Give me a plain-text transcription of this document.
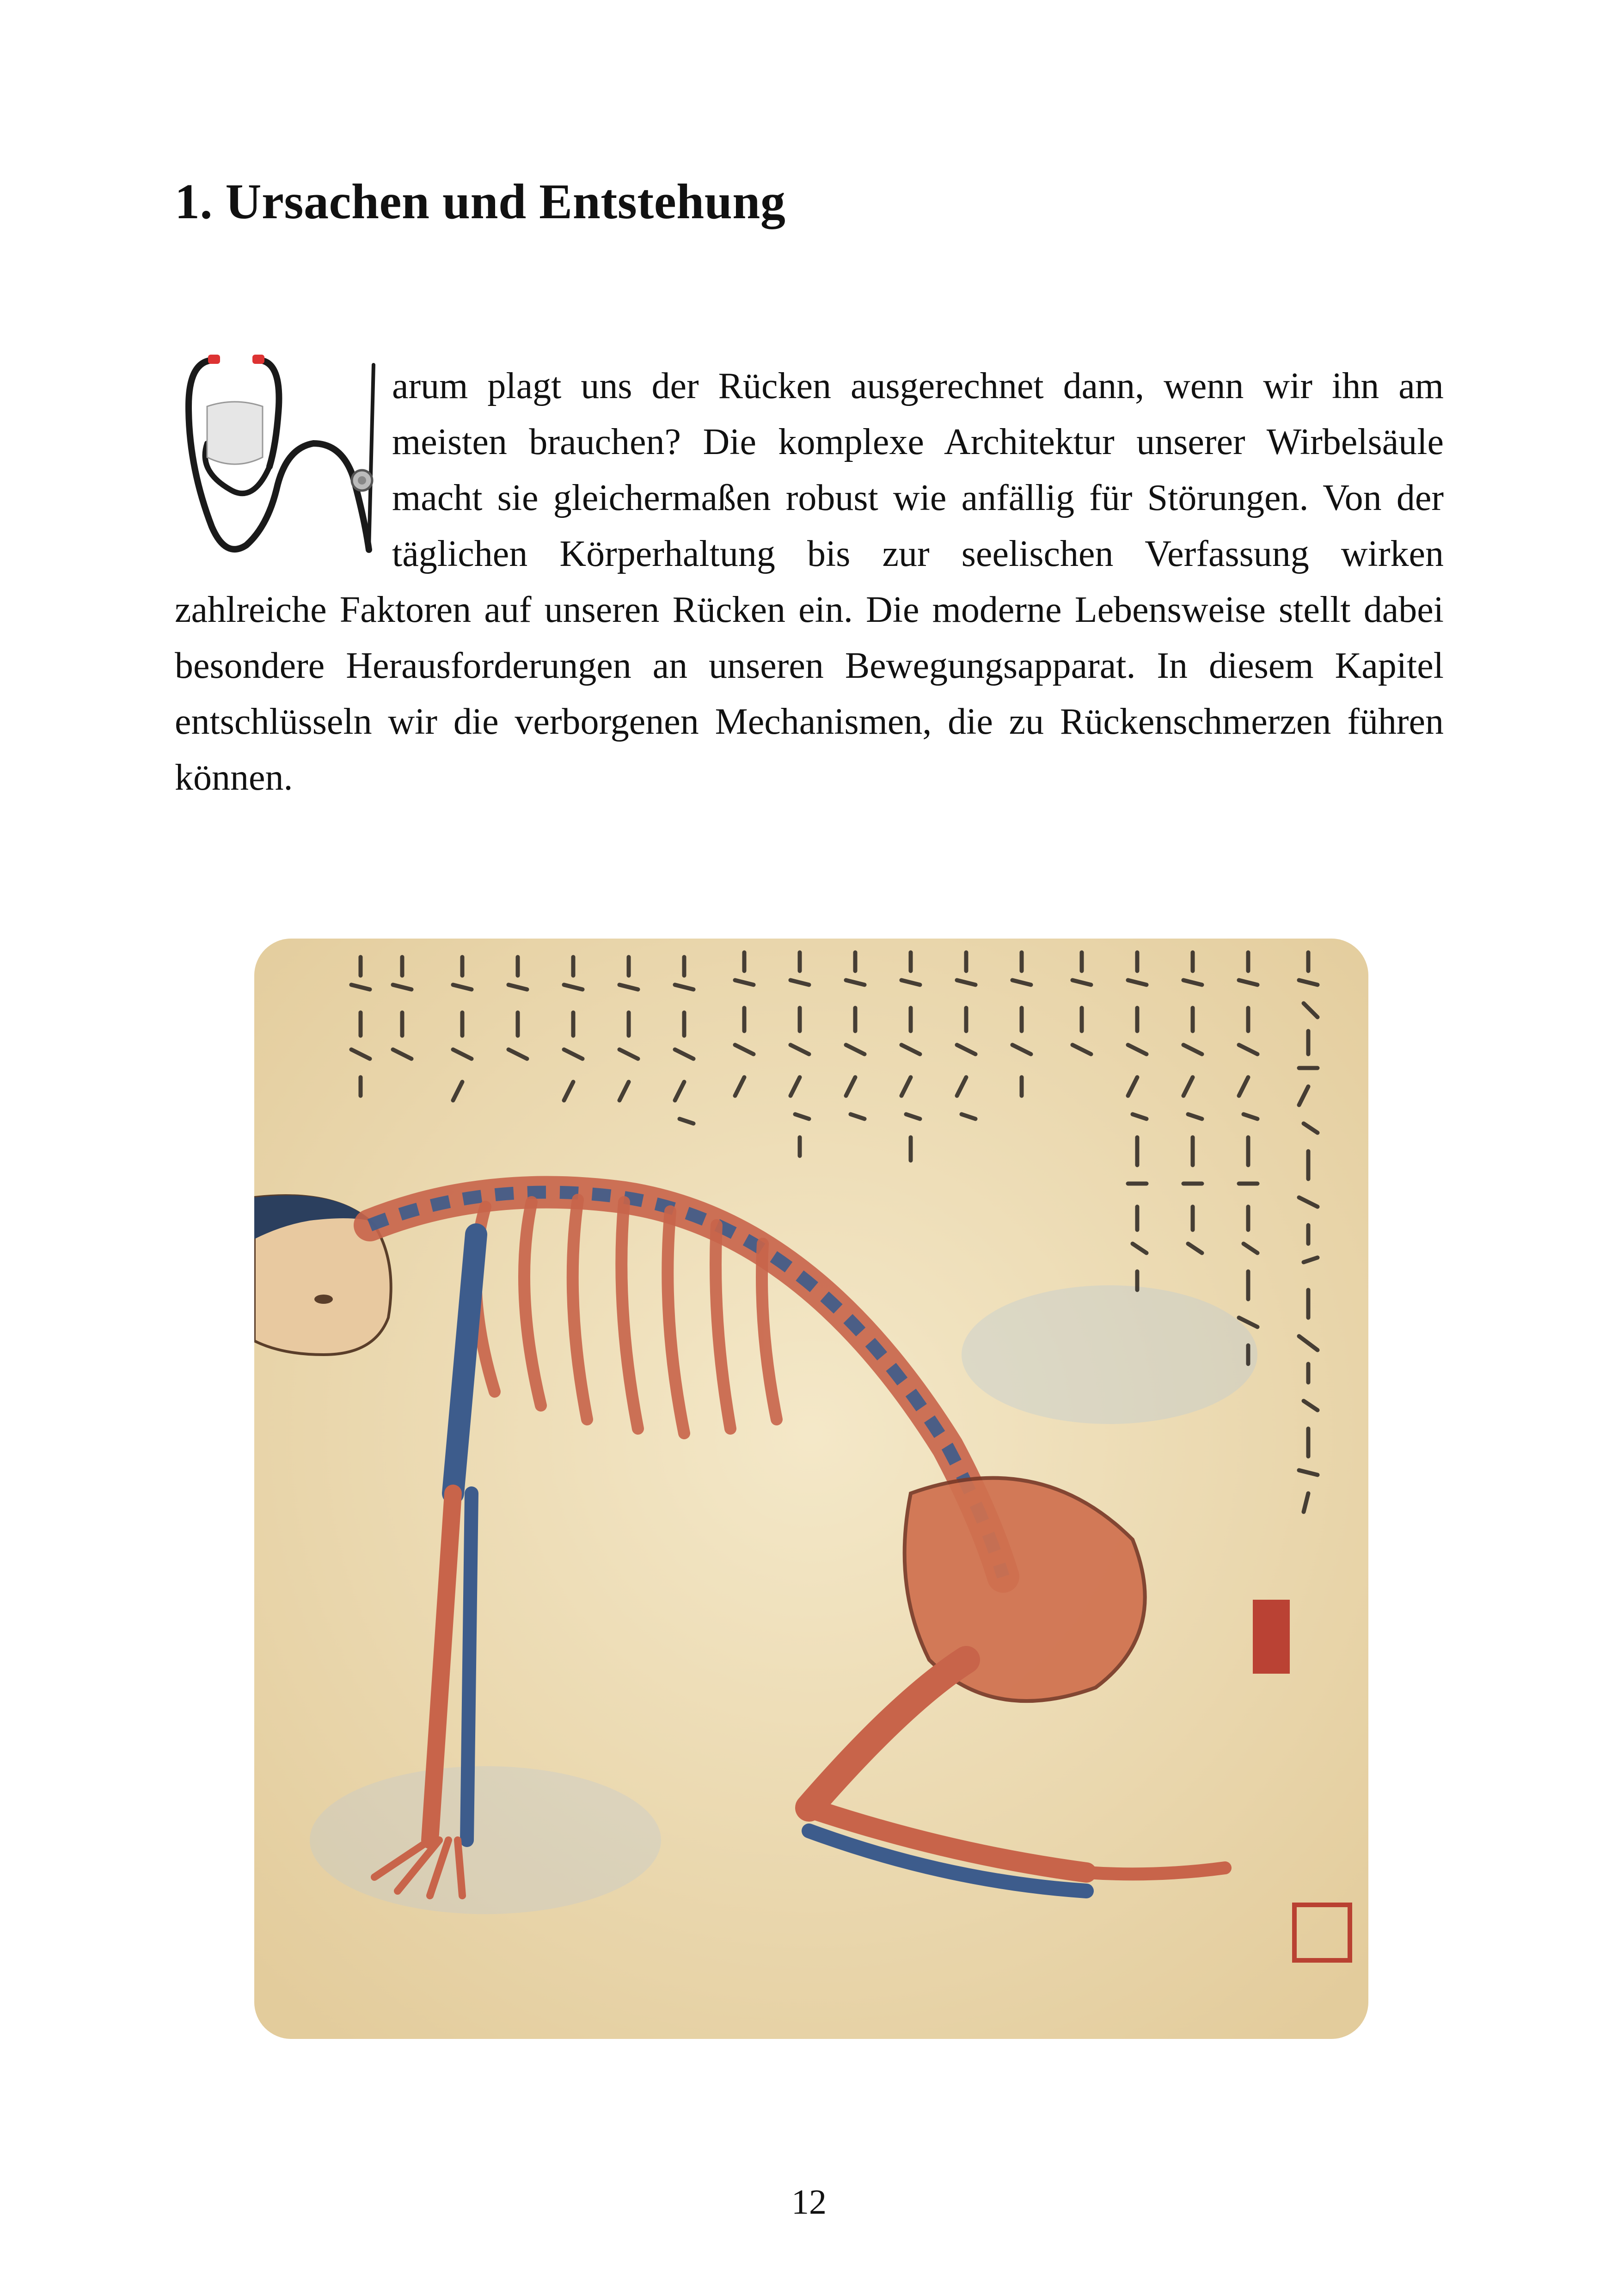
1. Ursachen und Entstehung

arum plagt uns der Rücken ausgerechnet dann, wenn wir ihn am meisten brauchen? Die komplexe Architektur unserer Wirbelsäule macht sie gleichermaßen robust wie anfällig für Störungen. Von der täglichen Körperhaltung bis zur seelischen Verfassung wirken zahlreiche Faktoren auf unseren Rücken ein. Die moderne Lebensweise stellt dabei besondere Herausforderungen an unseren Bewegungsapparat. In diesem Kapitel entschlüsseln wir die verborgenen Mechanismen, die zu Rückenschmerzen führen können.

12
